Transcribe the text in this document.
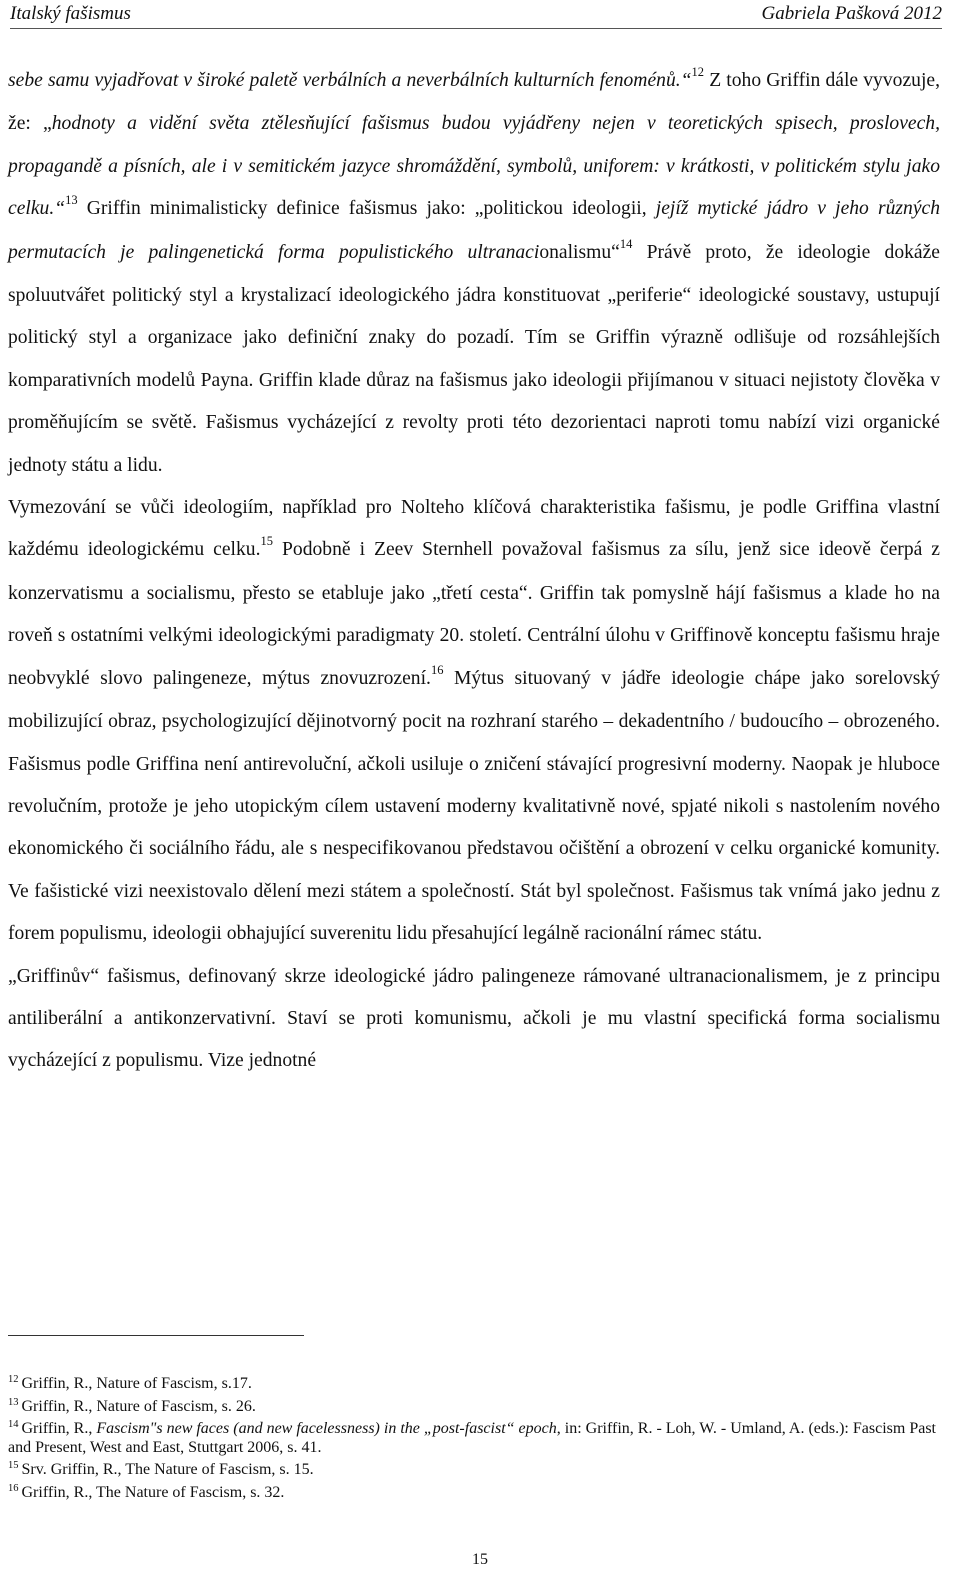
Italský fašismus	Gabriela Pašková 2012

sebe samu vyjadřovat v široké paletě verbálních a neverbálních kulturních fenoménů.“$^{12}$ Z toho Griffin dále vyvozuje, že: „hodnoty a vidění světa ztělesňující fašismus budou vyjádřeny nejen v teoretických spisech, proslovech, propagandě a písních, ale i v semitickém jazyce shromáždění, symbolů, uniforem: v krátkosti, v politickém stylu jako celku.“$^{13}$ Griffin minimalisticky definice fašismus jako: „politickou ideologii, jejíž mytické jádro v jeho různých permutacích je palingenetická forma populistického ultranacionalismu“$^{14}$ Právě proto, že ideologie dokáže spoluutvářet politický styl a krystalizací ideologického jádra konstituovat „periferie“ ideologické soustavy, ustupují politický styl a organizace jako definiční znaky do pozadí. Tím se Griffin výrazně odlišuje od rozsáhlejších komparativních modelů Payna. Griffin klade důraz na fašismus jako ideologii přijímanou v situaci nejistoty člověka v proměňujícím se světě. Fašismus vycházející z revolty proti této dezorientaci naproti tomu nabízí vizi organické jednoty státu a lidu.

Vymezování se vůči ideologiím, například pro Nolteho klíčová charakteristika fašismu, je podle Griffina vlastní každému ideologickému celku.$^{15}$ Podobně i Zeev Sternhell považoval fašismus za sílu, jenž sice ideově čerpá z konzervatismu a socialismu, přesto se etabluje jako „třetí cesta“. Griffin tak pomyslně hájí fašismus a klade ho na roveň s ostatními velkými ideologickými paradigmaty 20. století. Centrální úlohu v Griffinově konceptu fašismu hraje neobvyklé slovo palingeneze, mýtus znovuzrození.$^{16}$ Mýtus situovaný v jádře ideologie chápe jako sorelovský mobilizující obraz, psychologizující dějinotvorný pocit na rozhraní starého – dekadentního / budoucího – obrozeného. Fašismus podle Griffina není antirevoluční, ačkoli usiluje o zničení stávající progresivní moderny. Naopak je hluboce revolučním, protože je jeho utopickým cílem ustavení moderny kvalitativně nové, spjaté nikoli s nastolením nového ekonomického či sociálního řádu, ale s nespecifikovanou představou očištění a obrození v celku organické komunity. Ve fašistické vizi neexistovalo dělení mezi státem a společností. Stát byl společnost. Fašismus tak vnímá jako jednu z forem populismu, ideologii obhajující suverenitu lidu přesahující legálně racionální rámec státu.

„Griffinův“ fašismus, definovaný skrze ideologické jádro palingeneze rámované ultranacionalismem, je z principu antiliberální a antikonzervativní. Staví se proti komunismu, ačkoli je mu vlastní specifická forma socialismu vycházející z populismu. Vize jednotné

$^{12}$ Griffin, R., Nature of Fascism, s.17.

$^{13}$ Griffin, R., Nature of Fascism, s. 26.

$^{14}$ Griffin, R., Fascism"s new faces (and new facelessness) in the „post-fascist“ epoch, in: Griffin, R. - Loh, W. - Umland, A. (eds.): Fascism Past and Present, West and East, Stuttgart 2006, s. 41.

$^{15}$ Srv. Griffin, R., The Nature of Fascism, s. 15.

$^{16}$ Griffin, R., The Nature of Fascism, s. 32.

15
